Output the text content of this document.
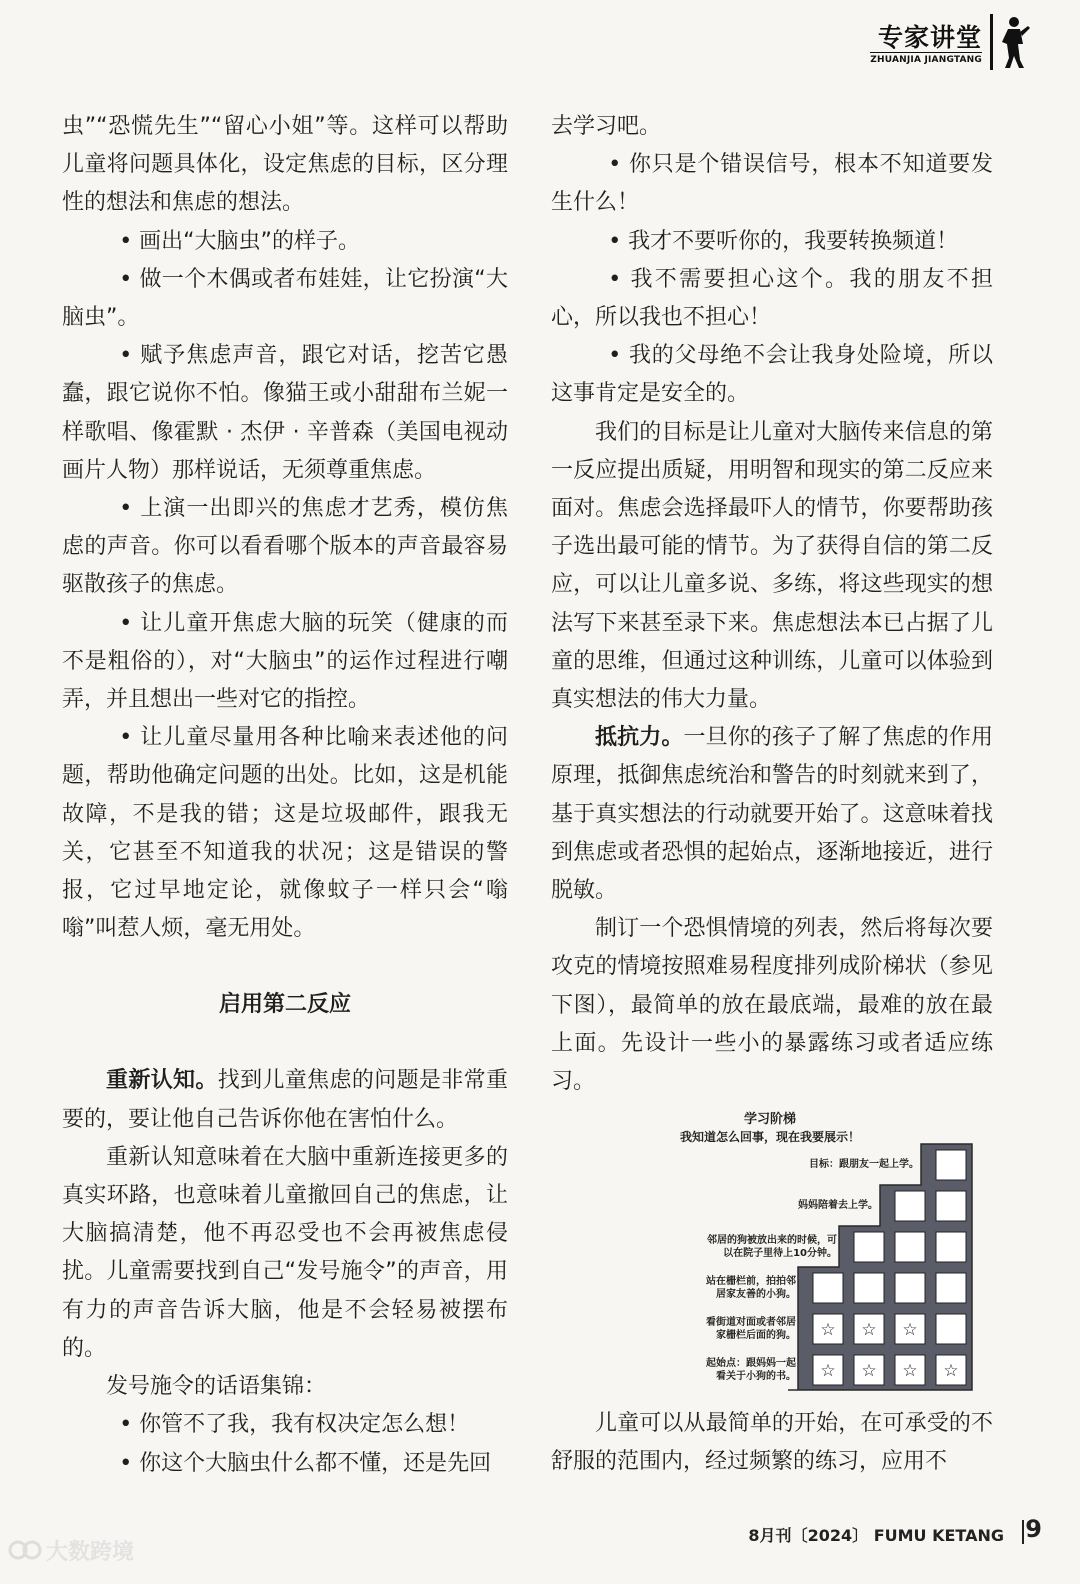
专家讲堂
ZHUANJIA JIANGTANG

虫”“恐慌先生”“留心小姐”等。这样可以帮助儿童将问题具体化，设定焦虑的目标，区分理性的想法和焦虑的想法。

• 画出“大脑虫”的样子。

• 做一个木偶或者布娃娃，让它扮演“大脑虫”。

• 赋予焦虑声音，跟它对话，挖苦它愚蠢，跟它说你不怕。像猫王或小甜甜布兰妮一样歌唱、像霍默 · 杰伊 · 辛普森（美国电视动画片人物）那样说话，无须尊重焦虑。

• 上演一出即兴的焦虑才艺秀，模仿焦虑的声音。你可以看看哪个版本的声音最容易驱散孩子的焦虑。

• 让儿童开焦虑大脑的玩笑（健康的而不是粗俗的），对“大脑虫”的运作过程进行嘲弄，并且想出一些对它的指控。

• 让儿童尽量用各种比喻来表述他的问题，帮助他确定问题的出处。比如，这是机能故障，不是我的错；这是垃圾邮件，跟我无关，它甚至不知道我的状况；这是错误的警报，它过早地定论，就像蚊子一样只会“嗡嗡”叫惹人烦，毫无用处。

启用第二反应

重新认知。找到儿童焦虑的问题是非常重要的，要让他自己告诉你他在害怕什么。

重新认知意味着在大脑中重新连接更多的真实环路，也意味着儿童撤回自己的焦虑，让大脑搞清楚，他不再忍受也不会再被焦虑侵扰。儿童需要找到自己“发号施令”的声音，用有力的声音告诉大脑，他是不会轻易被摆布的。

发号施令的话语集锦：

• 你管不了我，我有权决定怎么想！

• 你这个大脑虫什么都不懂，还是先回

去学习吧。

• 你只是个错误信号，根本不知道要发生什么！

• 我才不要听你的，我要转换频道！

• 我不需要担心这个。我的朋友不担心，所以我也不担心！

• 我的父母绝不会让我身处险境，所以这事肯定是安全的。

我们的目标是让儿童对大脑传来信息的第一反应提出质疑，用明智和现实的第二反应来面对。焦虑会选择最吓人的情节，你要帮助孩子选出最可能的情节。为了获得自信的第二反应，可以让儿童多说、多练，将这些现实的想法写下来甚至录下来。焦虑想法本已占据了儿童的思维，但通过这种训练，儿童可以体验到真实想法的伟大力量。

抵抗力。一旦你的孩子了解了焦虑的作用原理，抵御焦虑统治和警告的时刻就来到了，基于真实想法的行动就要开始了。这意味着找到焦虑或者恐惧的起始点，逐渐地接近，进行脱敏。

制订一个恐惧情境的列表，然后将每次要攻克的情境按照难易程度排列成阶梯状（参见下图），最简单的放在最底端，最难的放在最上面。先设计一些小的暴露练习或者适应练习。

☆
☆
☆
☆
☆
☆
☆
学习阶梯
我知道怎么回事，现在我要展示！
起始点：跟妈妈一起
看关于小狗的书。
看街道对面或者邻居
家栅栏后面的狗。
站在栅栏前，拍拍邻
居家友善的小狗。
邻居的狗被放出来的时候，可
以在院子里待上10分钟。
妈妈陪着去上学。
目标：跟朋友一起上学。

儿童可以从最简单的开始，在可承受的不舒服的范围内，经过频繁的练习，应用不

8月刊〔2024〕 FUMU KETANG 9
大数跨境
